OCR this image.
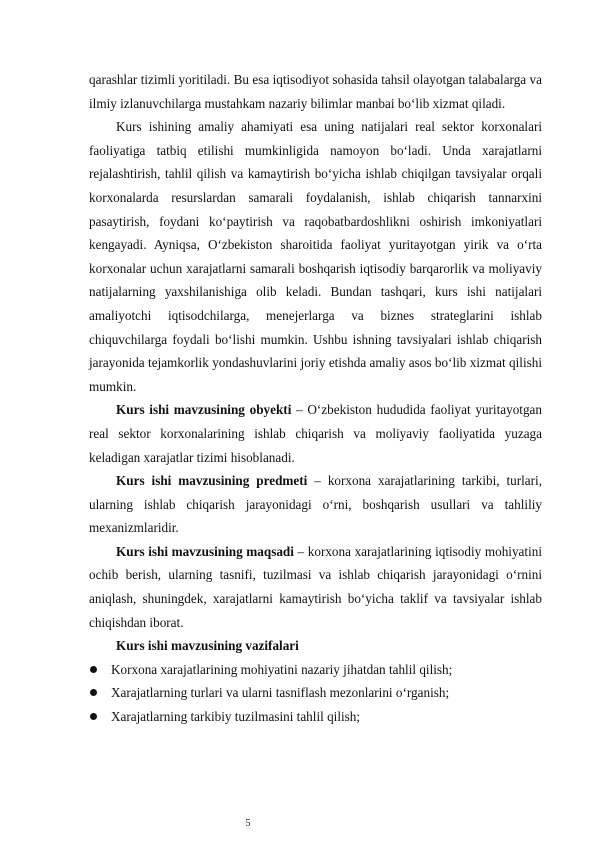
qarashlar tizimli yoritiladi. Bu esa iqtisodiyot sohasida tahsil olayotgan talabalarga va ilmiy izlanuvchilarga mustahkam nazariy bilimlar manbai bo‘lib xizmat qiladi.

Kurs ishining amaliy ahamiyati esa uning natijalari real sektor korxonalari faoliyatiga tatbiq etilishi mumkinligida namoyon bo‘ladi. Unda xarajatlarni rejalashtirish, tahlil qilish va kamaytirish bo‘yicha ishlab chiqilgan tavsiyalar orqali korxonalarda resurslardan samarali foydalanish, ishlab chiqarish tannarxini pasaytirish, foydani ko‘paytirish va raqobatbardoshlikni oshirish imkoniyatlari kengayadi. Ayniqsa, O‘zbekiston sharoitida faoliyat yuritayotgan yirik va o‘rta korxonalar uchun xarajatlarni samarali boshqarish iqtisodiy barqarorlik va moliyaviy natijalarning yaxshilanishiga olib keladi. Bundan tashqari, kurs ishi natijalari amaliyotchi iqtisodchilarga, menejerlarga va biznes strateglarini ishlab chiquvchilarga foydali bo‘lishi mumkin. Ushbu ishning tavsiyalari ishlab chiqarish jarayonida tejamkorlik yondashuvlarini joriy etishda amaliy asos bo‘lib xizmat qilishi mumkin.

Kurs ishi mavzusining obyekti – O‘zbekiston hududida faoliyat yuritayotgan real sektor korxonalarining ishlab chiqarish va moliyaviy faoliyatida yuzaga keladigan xarajatlar tizimi hisoblanadi.

Kurs ishi mavzusining predmeti – korxona xarajatlarining tarkibi, turlari, ularning ishlab chiqarish jarayonidagi o‘rni, boshqarish usullari va tahliliy mexanizmlaridir.

Kurs ishi mavzusining maqsadi – korxona xarajatlarining iqtisodiy mohiyatini ochib berish, ularning tasnifi, tuzilmasi va ishlab chiqarish jarayonidagi o‘rnini aniqlash, shuningdek, xarajatlarni kamaytirish bo‘yicha taklif va tavsiyalar ishlab chiqishdan iborat.

Kurs ishi mavzusining vazifalari

Korxona xarajatlarining mohiyatini nazariy jihatdan tahlil qilish;
Xarajatlarning turlari va ularni tasniflash mezonlarini o‘rganish;
Xarajatlarning tarkibiy tuzilmasini tahlil qilish;
5
